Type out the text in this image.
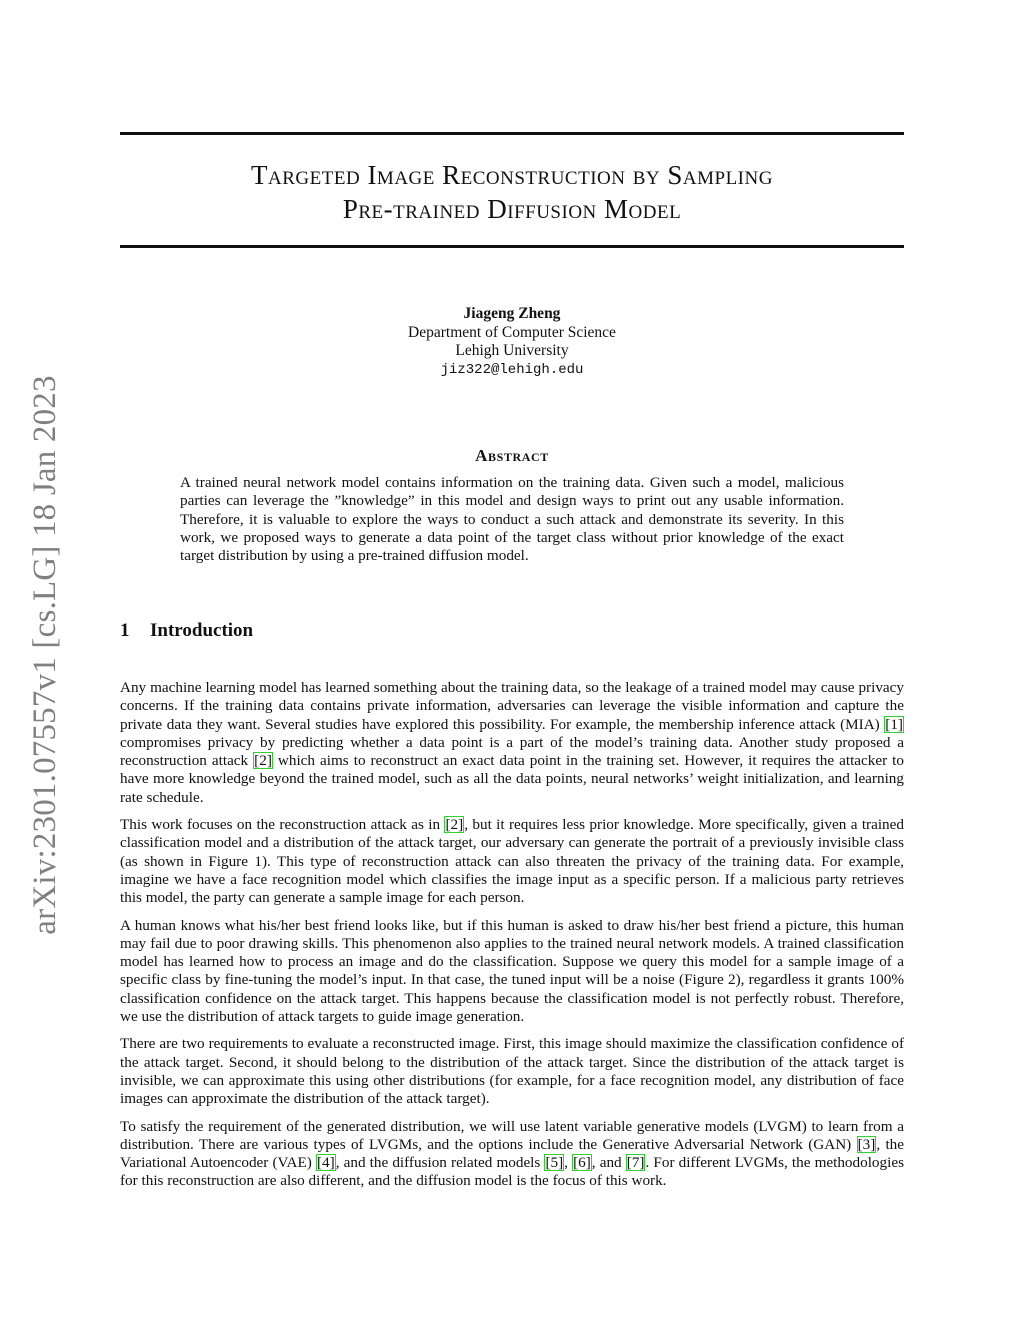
arXiv:2301.07557v1 [cs.LG] 18 Jan 2023
Targeted Image Reconstruction by Sampling
Pre-trained Diffusion Model
Jiageng Zheng
Department of Computer Science
Lehigh University
jiz322@lehigh.edu
Abstract
A trained neural network model contains information on the training data. Given such a model, malicious parties can leverage the ”knowledge” in this model and design ways to print out any usable information. Therefore, it is valuable to explore the ways to conduct a such attack and demonstrate its severity. In this work, we proposed ways to generate a data point of the target class without prior knowledge of the exact target distribution by using a pre-trained diffusion model.
1 Introduction

Any machine learning model has learned something about the training data, so the leakage of a trained model may cause privacy concerns. If the training data contains private information, adversaries can leverage the visible information and capture the private data they want. Several studies have explored this possibility. For example, the membership inference attack (MIA) [1] compromises privacy by predicting whether a data point is a part of the model’s training data. Another study proposed a reconstruction attack [2] which aims to reconstruct an exact data point in the training set. However, it requires the attacker to have more knowledge beyond the trained model, such as all the data points, neural networks’ weight initialization, and learning rate schedule.

This work focuses on the reconstruction attack as in [2], but it requires less prior knowledge. More specifically, given a trained classification model and a distribution of the attack target, our adversary can generate the portrait of a previously invisible class (as shown in Figure 1). This type of reconstruction attack can also threaten the privacy of the training data. For example, imagine we have a face recognition model which classifies the image input as a specific person. If a malicious party retrieves this model, the party can generate a sample image for each person.

A human knows what his/her best friend looks like, but if this human is asked to draw his/her best friend a picture, this human may fail due to poor drawing skills. This phenomenon also applies to the trained neural network models. A trained classification model has learned how to process an image and do the classification. Suppose we query this model for a sample image of a specific class by fine-tuning the model’s input. In that case, the tuned input will be a noise (Figure 2), regardless it grants 100% classification confidence on the attack target. This happens because the classification model is not perfectly robust. Therefore, we use the distribution of attack targets to guide image generation.

There are two requirements to evaluate a reconstructed image. First, this image should maximize the classification confidence of the attack target. Second, it should belong to the distribution of the attack target. Since the distribution of the attack target is invisible, we can approximate this using other distributions (for example, for a face recognition model, any distribution of face images can approximate the distribution of the attack target).

To satisfy the requirement of the generated distribution, we will use latent variable generative models (LVGM) to learn from a distribution. There are various types of LVGMs, and the options include the Generative Adversarial Network (GAN) [3], the Variational Autoencoder (VAE) [4], and the diffusion related models [5], [6], and [7]. For different LVGMs, the methodologies for this reconstruction are also different, and the diffusion model is the focus of this work.
